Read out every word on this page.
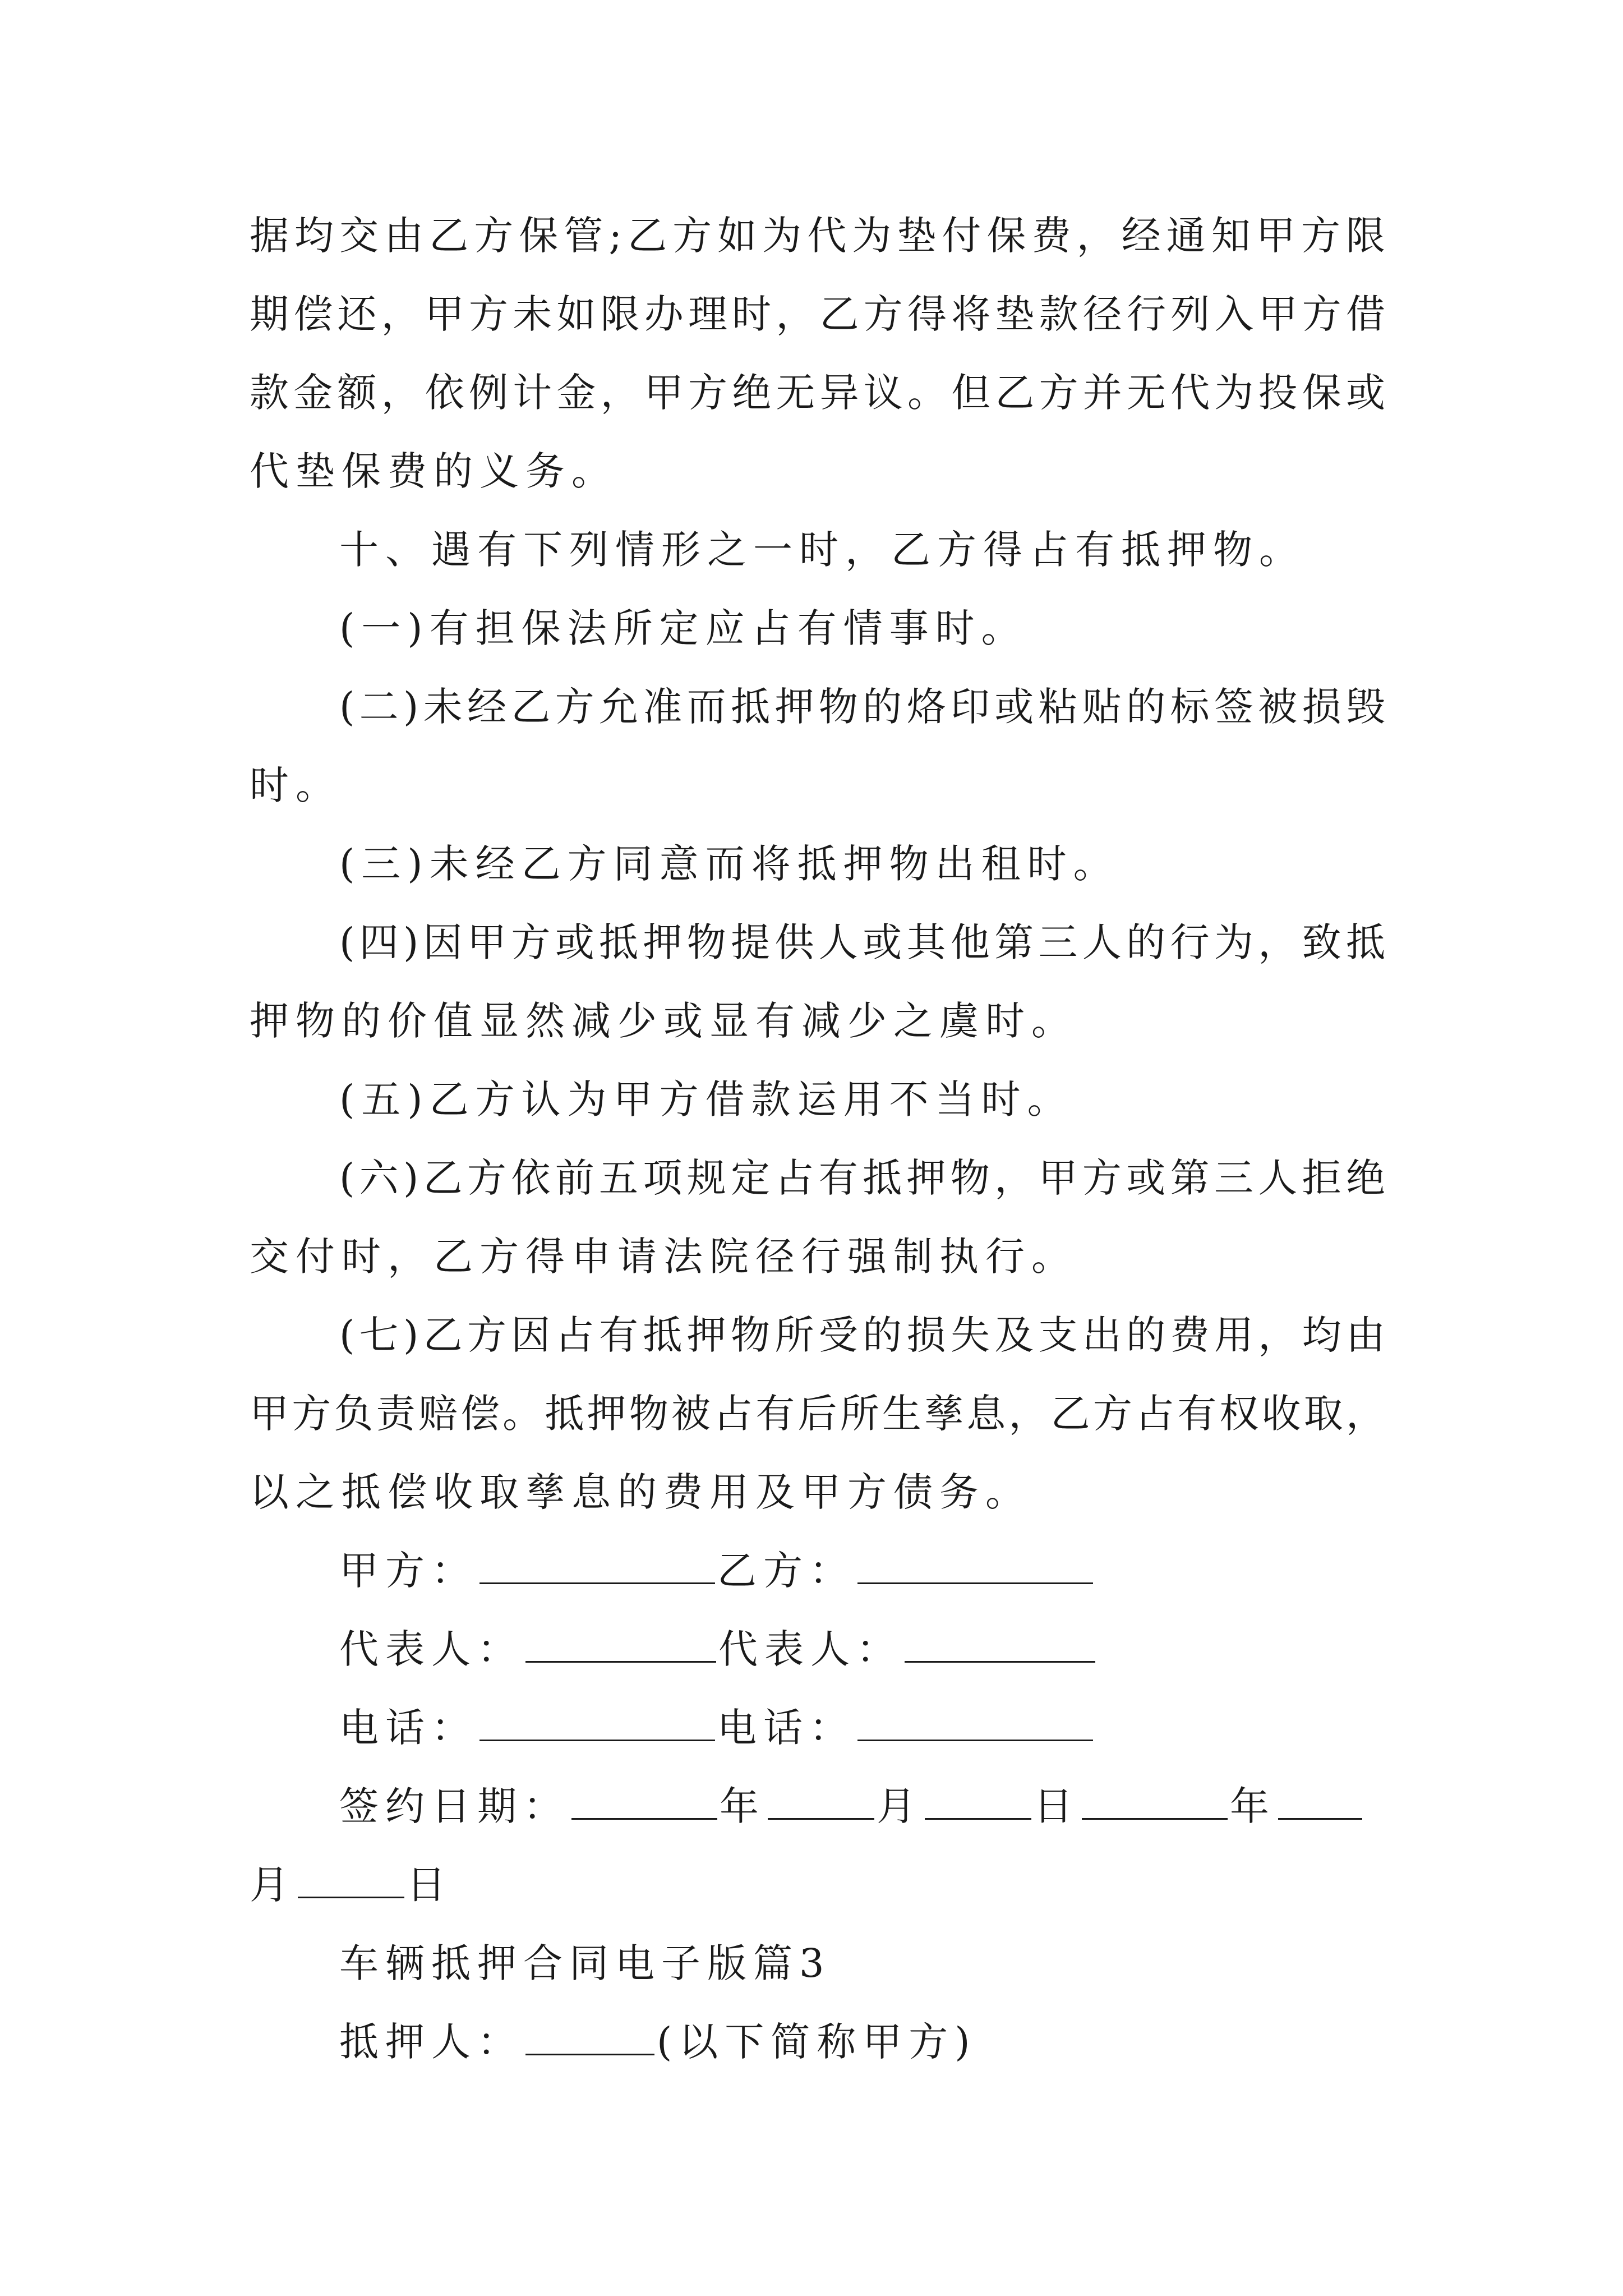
据均交由乙方保管;乙方如为代为垫付保费，经通知甲方限
期偿还，甲方未如限办理时，乙方得将垫款径行列入甲方借
款金额，依例计金，甲方绝无异议。但乙方并无代为投保或
代垫保费的义务。
十、遇有下列情形之一时，乙方得占有抵押物。
(一)有担保法所定应占有情事时。
(二)未经乙方允准而抵押物的烙印或粘贴的标签被损毁
时。
(三)未经乙方同意而将抵押物出租时。
(四)因甲方或抵押物提供人或其他第三人的行为，致抵
押物的价值显然减少或显有减少之虞时。
(五)乙方认为甲方借款运用不当时。
(六)乙方依前五项规定占有抵押物，甲方或第三人拒绝
交付时，乙方得申请法院径行强制执行。
(七)乙方因占有抵押物所受的损失及支出的费用，均由
甲方负责赔偿。抵押物被占有后所生孳息，乙方占有权收取，
以之抵偿收取孳息的费用及甲方债务。
甲方：	乙方：
代表人：	代表人：
电话：	电话：
签约日期：	年	月	日	年
月	日
车辆抵押合同电子版篇3
抵押人：	(以下简称甲方)
